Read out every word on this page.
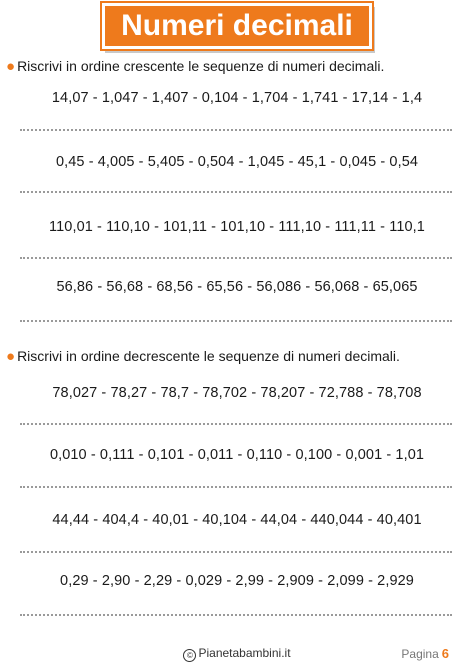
Numeri decimali
● Riscrivi in ordine crescente le sequenze di numeri decimali.
14,07 - 1,047 - 1,407 - 0,104 - 1,704 - 1,741 - 17,14 - 1,4
0,45 - 4,005 - 5,405 - 0,504 - 1,045 - 45,1 - 0,045 - 0,54
110,01 - 110,10 - 101,11 - 101,10 - 111,10 - 111,11 - 110,1
56,86 - 56,68 - 68,56 - 65,56 - 56,086 - 56,068 - 65,065
● Riscrivi in ordine decrescente le sequenze di numeri decimali.
78,027 - 78,27 - 78,7 - 78,702 - 78,207 - 72,788 - 78,708
0,010 - 0,111 - 0,101 - 0,011 - 0,110 - 0,100 - 0,001 - 1,01
44,44 - 404,4 - 40,01 - 40,104 - 44,04 - 440,044 - 40,401
0,29 - 2,90 - 2,29 - 0,029 - 2,99 - 2,909 - 2,099 - 2,929
© Pianetabambini.it	Pagina 6
